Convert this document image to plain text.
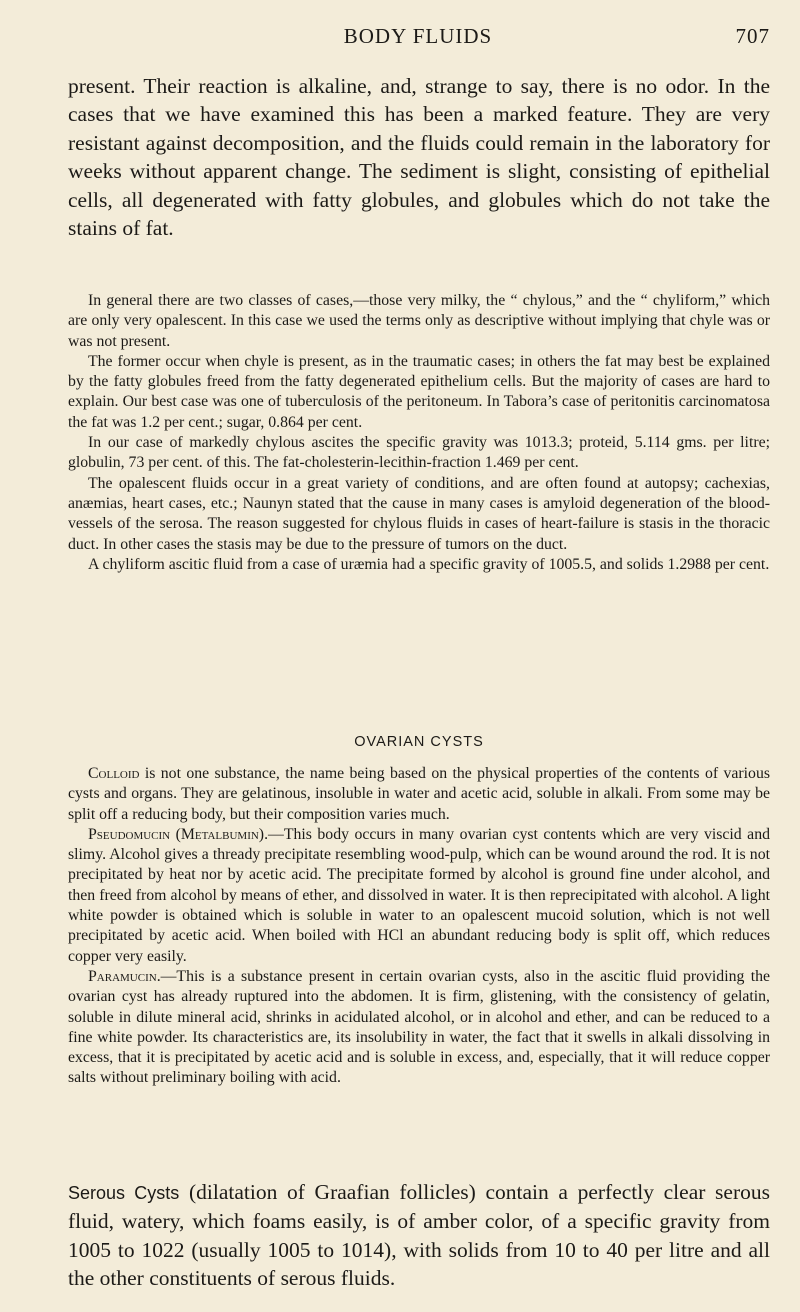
BODY FLUIDS	707

present. Their reaction is alkaline, and, strange to say, there is no odor. In the cases that we have examined this has been a marked feature. They are very resistant against decomposition, and the fluids could remain in the laboratory for weeks without apparent change. The sediment is slight, consisting of epithelial cells, all degenerated with fatty globules, and globules which do not take the stains of fat.

In general there are two classes of cases,—those very milky, the “ chylous,” and the “ chyliform,” which are only very opalescent. In this case we used the terms only as descriptive without implying that chyle was or was not present.

The former occur when chyle is present, as in the traumatic cases; in others the fat may best be explained by the fatty globules freed from the fatty degenerated epithelium cells. But the majority of cases are hard to explain. Our best case was one of tuberculosis of the peritoneum. In Tabora’s case of peritonitis carcinomatosa the fat was 1.2 per cent.; sugar, 0.864 per cent.

In our case of markedly chylous ascites the specific gravity was 1013.3; proteid, 5.114 gms. per litre; globulin, 73 per cent. of this. The fat-cholesterin-lecithin-fraction 1.469 per cent.

The opalescent fluids occur in a great variety of conditions, and are often found at autopsy; cachexias, anæmias, heart cases, etc.; Naunyn stated that the cause in many cases is amyloid degeneration of the blood-vessels of the serosa. The reason suggested for chylous fluids in cases of heart-failure is stasis in the thoracic duct. In other cases the stasis may be due to the pressure of tumors on the duct.

A chyliform ascitic fluid from a case of uræmia had a specific gravity of 1005.5, and solids 1.2988 per cent.

OVARIAN CYSTS

Colloid is not one substance, the name being based on the physical properties of the contents of various cysts and organs. They are gelatinous, insoluble in water and acetic acid, soluble in alkali. From some may be split off a reducing body, but their composition varies much.

Pseudomucin (Metalbumin).—This body occurs in many ovarian cyst contents which are very viscid and slimy. Alcohol gives a thready precipitate resembling wood-pulp, which can be wound around the rod. It is not precipitated by heat nor by acetic acid. The precipitate formed by alcohol is ground fine under alcohol, and then freed from alcohol by means of ether, and dissolved in water. It is then reprecipitated with alcohol. A light white powder is obtained which is soluble in water to an opalescent mucoid solution, which is not well precipitated by acetic acid. When boiled with HCl an abundant reducing body is split off, which reduces copper very easily.

Paramucin.—This is a substance present in certain ovarian cysts, also in the ascitic fluid providing the ovarian cyst has already ruptured into the abdomen. It is firm, glistening, with the consistency of gelatin, soluble in dilute mineral acid, shrinks in acidulated alcohol, or in alcohol and ether, and can be reduced to a fine white powder. Its characteristics are, its insolubility in water, the fact that it swells in alkali dissolving in excess, that it is precipitated by acetic acid and is soluble in excess, and, especially, that it will reduce copper salts without preliminary boiling with acid.

Serous Cysts (dilatation of Graafian follicles) contain a perfectly clear serous fluid, watery, which foams easily, is of amber color, of a specific gravity from 1005 to 1022 (usually 1005 to 1014), with solids from 10 to 40 per litre and all the other constituents of serous fluids.
